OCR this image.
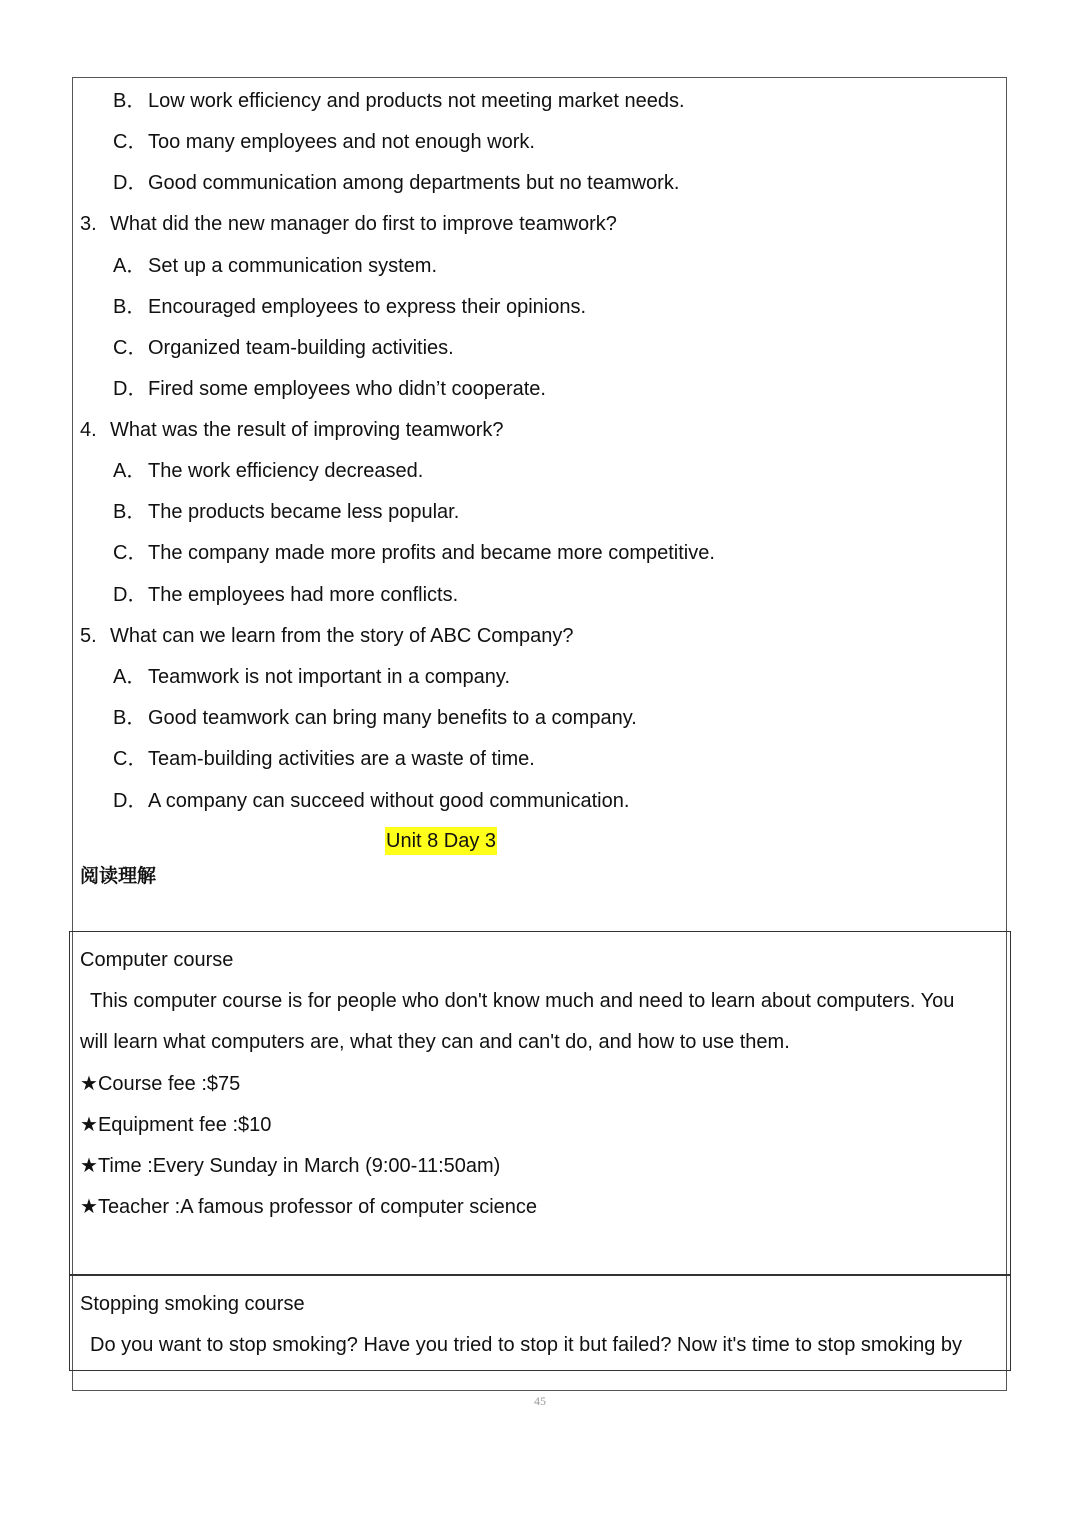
B．Low work efficiency and products not meeting market needs.
C．Too many employees and not enough work.
D．Good communication among departments but no teamwork.
3. What did the new manager do first to improve teamwork?
A．Set up a communication system.
B．Encouraged employees to express their opinions.
C．Organized team-building activities.
D．Fired some employees who didn’t cooperate.
4. What was the result of improving teamwork?
A．The work efficiency decreased.
B．The products became less popular.
C．The company made more profits and became more competitive.
D．The employees had more conflicts.
5. What can we learn from the story of ABC Company?
A．Teamwork is not important in a company.
B．Good teamwork can bring many benefits to a company.
C．Team-building activities are a waste of time.
D．A company can succeed without good communication.
Unit 8 Day 3
阅读理解
Computer course
This computer course is for people who don't know much and need to learn about computers. You
will learn what computers are, what they can and can't do, and how to use them.
★Course fee :$75
★Equipment fee :$10
★Time :Every Sunday in March (9:00-11:50am)
★Teacher :A famous professor of computer science
Stopping smoking course
Do you want to stop smoking? Have you tried to stop it but failed? Now it's time to stop smoking by
45
